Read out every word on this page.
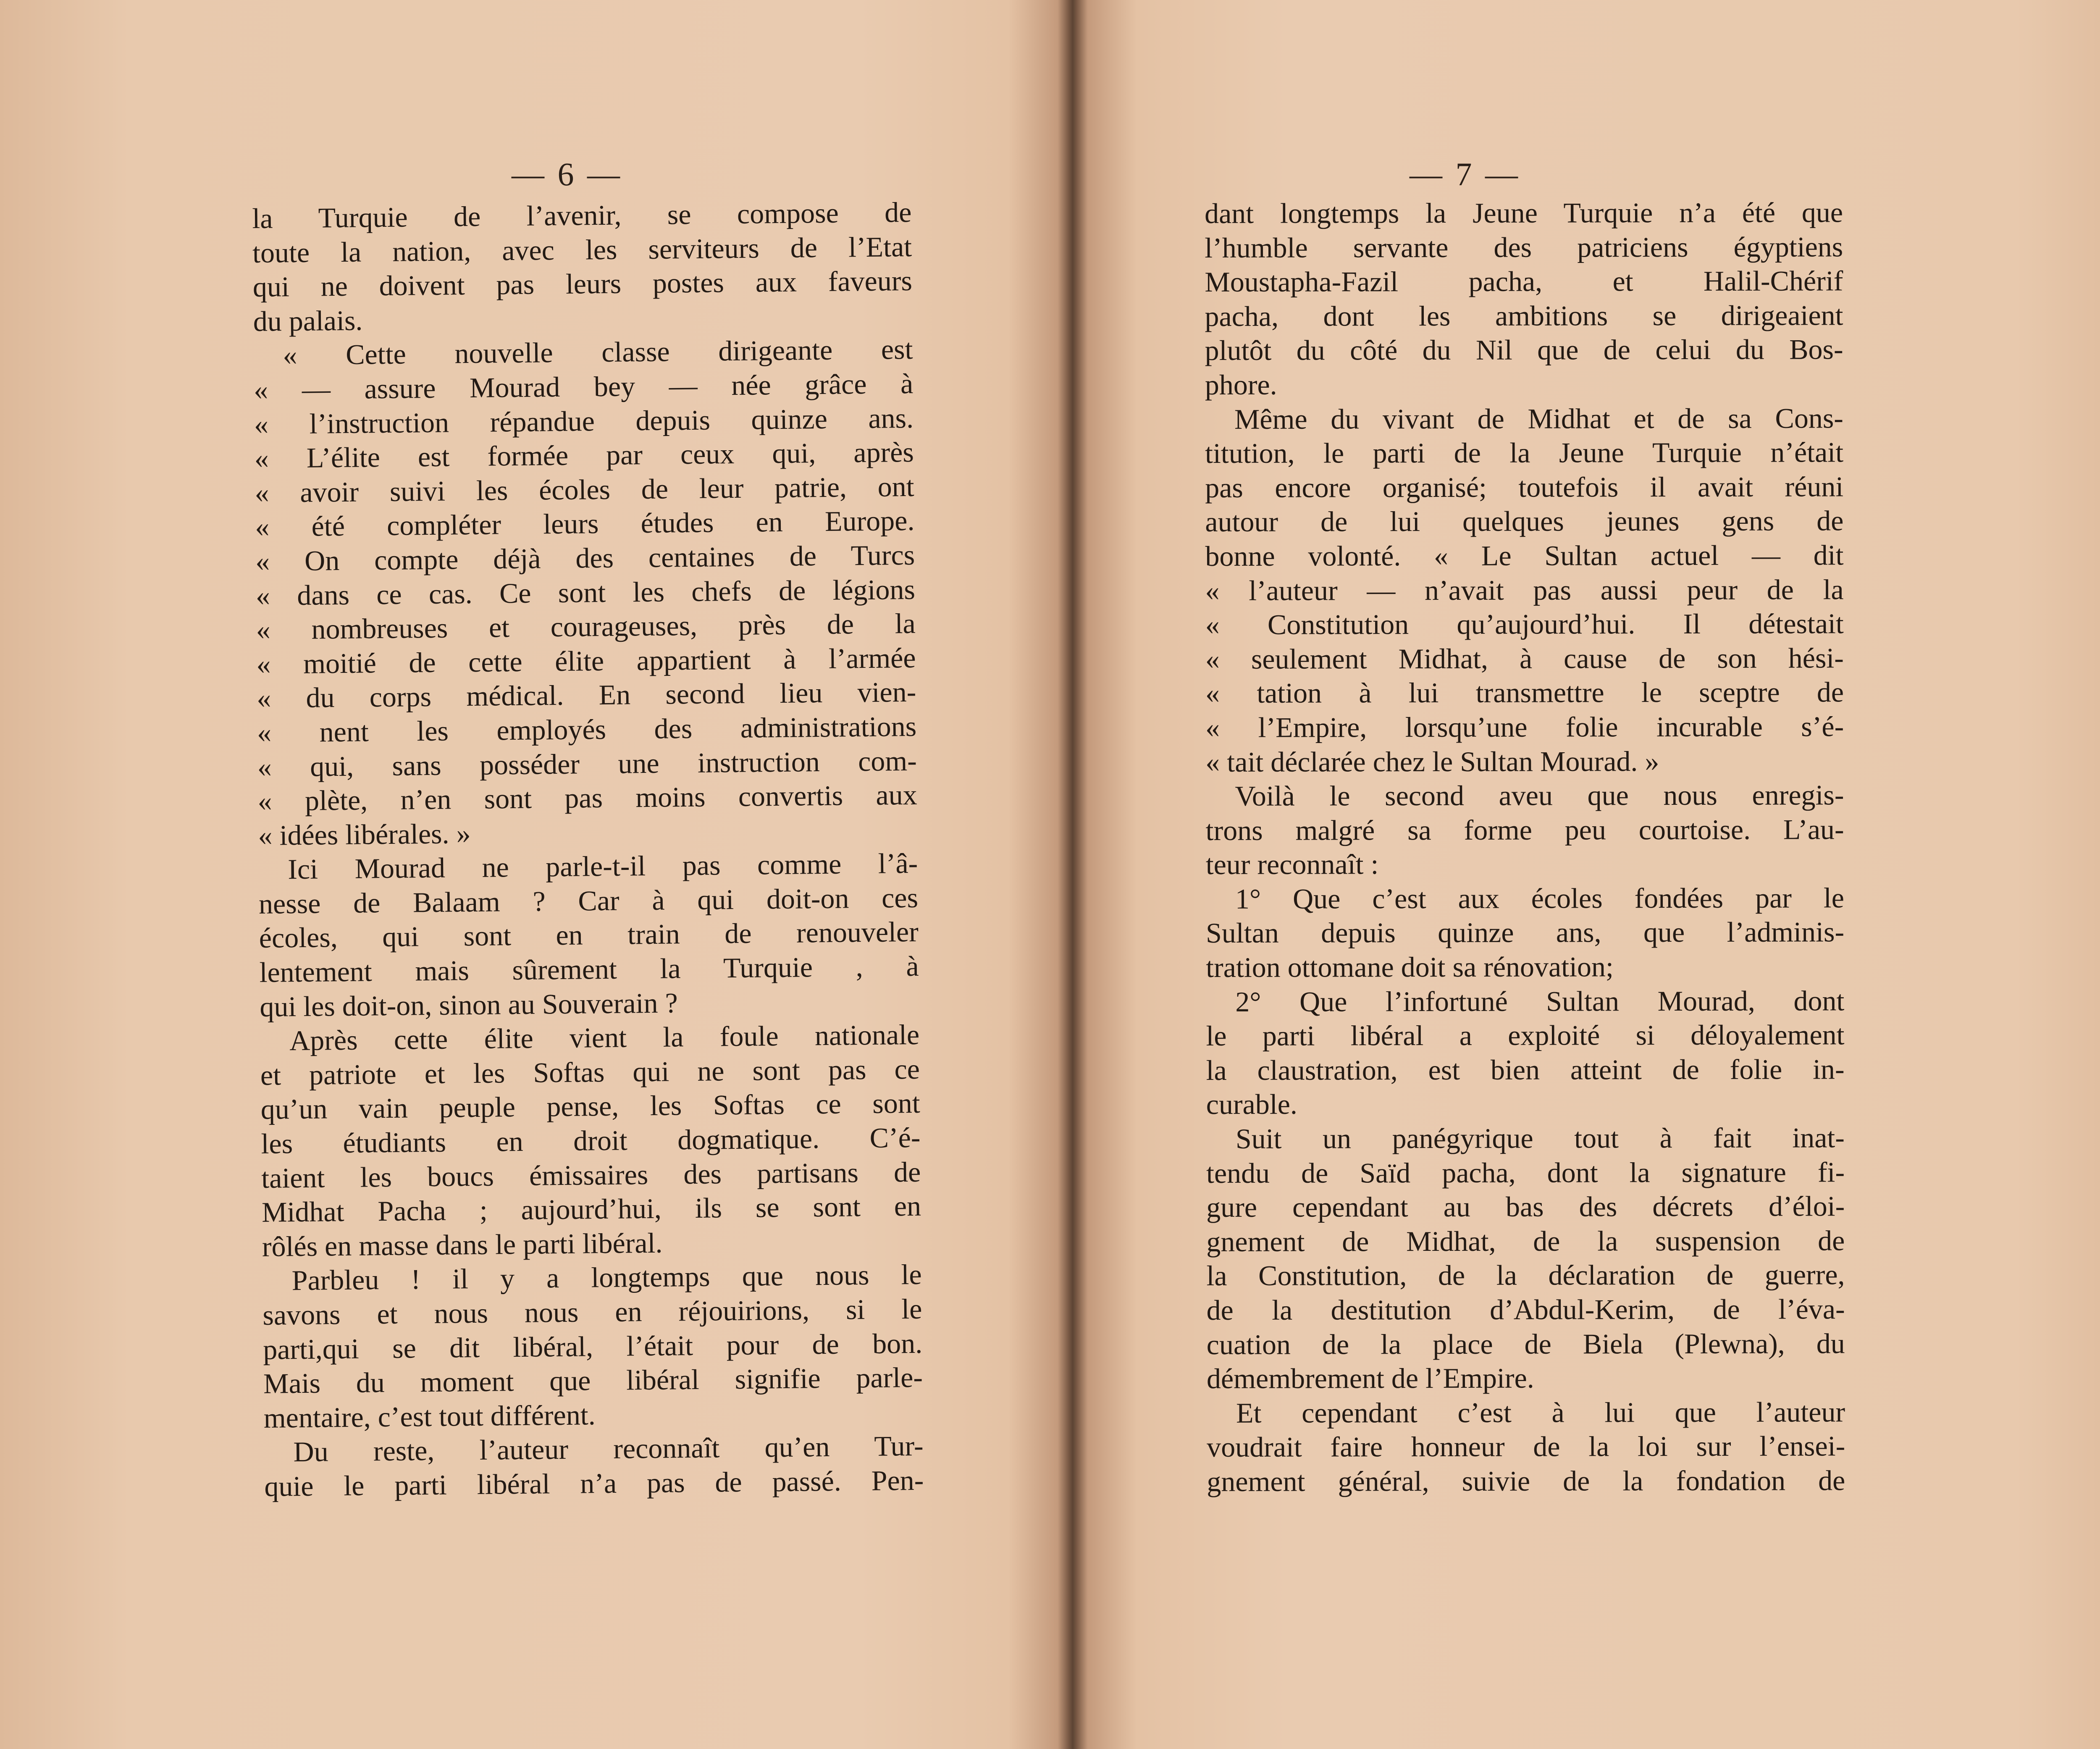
— 6 —
la Turquie de l’avenir, se compose de
toute la nation, avec les serviteurs de l’Etat
qui ne doivent pas leurs postes aux faveurs
du palais.
« Cette nouvelle classe dirigeante est
« — assure Mourad bey — née grâce à
« l’instruction répandue depuis quinze ans.
« L’élite est formée par ceux qui, après
« avoir suivi les écoles de leur patrie, ont
« été compléter leurs études en Europe.
« On compte déjà des centaines de Turcs
« dans ce cas. Ce sont les chefs de légions
« nombreuses et courageuses, près de la
« moitié de cette élite appartient à l’armée
« du corps médical. En second lieu vien-
« nent les employés des administrations
« qui, sans posséder une instruction com-
« plète, n’en sont pas moins convertis aux
« idées libérales. »
Ici Mourad ne parle-t-il pas comme l’â-
nesse de Balaam ? Car à qui doit-on ces
écoles, qui sont en train de renouveler
lentement mais sûrement la Turquie , à
qui les doit-on, sinon au Souverain ?
Après cette élite vient la foule nationale
et patriote et les Softas qui ne sont pas ce
qu’un vain peuple pense, les Softas ce sont
les étudiants en droit dogmatique. C’é-
taient les boucs émissaires des partisans de
Midhat Pacha ; aujourd’hui, ils se sont en
rôlés en masse dans le parti libéral.
Parbleu ! il y a longtemps que nous le
savons et nous nous en réjouirions, si le
parti,qui se dit libéral, l’était pour de bon.
Mais du moment que libéral signifie parle-
mentaire, c’est tout différent.
Du reste, l’auteur reconnaît qu’en Tur-
quie le parti libéral n’a pas de passé. Pen-
— 7 —
dant longtemps la Jeune Turquie n’a été que
l’humble servante des patriciens égyptiens
Moustapha-Fazil pacha, et Halil-Chérif
pacha, dont les ambitions se dirigeaient
plutôt du côté du Nil que de celui du Bos-
phore.
Même du vivant de Midhat et de sa Cons-
titution, le parti de la Jeune Turquie n’était
pas encore organisé; toutefois il avait réuni
autour de lui quelques jeunes gens de
bonne volonté. « Le Sultan actuel — dit
« l’auteur — n’avait pas aussi peur de la
« Constitution qu’aujourd’hui. Il détestait
« seulement Midhat, à cause de son hési-
« tation à lui transmettre le sceptre de
« l’Empire, lorsqu’une folie incurable s’é-
« tait déclarée chez le Sultan Mourad. »
Voilà le second aveu que nous enregis-
trons malgré sa forme peu courtoise. L’au-
teur reconnaît :
1° Que c’est aux écoles fondées par le
Sultan depuis quinze ans, que l’adminis-
tration ottomane doit sa rénovation;
2° Que l’infortuné Sultan Mourad, dont
le parti libéral a exploité si déloyalement
la claustration, est bien atteint de folie in-
curable.
Suit un panégyrique tout à fait inat-
tendu de Saïd pacha, dont la signature fi-
gure cependant au bas des décrets d’éloi-
gnement de Midhat, de la suspension de
la Constitution, de la déclaration de guerre,
de la destitution d’Abdul-Kerim, de l’éva-
cuation de la place de Biela (Plewna), du
démembrement de l’Empire.
Et cependant c’est à lui que l’auteur
voudrait faire honneur de la loi sur l’ensei-
gnement général, suivie de la fondation de
